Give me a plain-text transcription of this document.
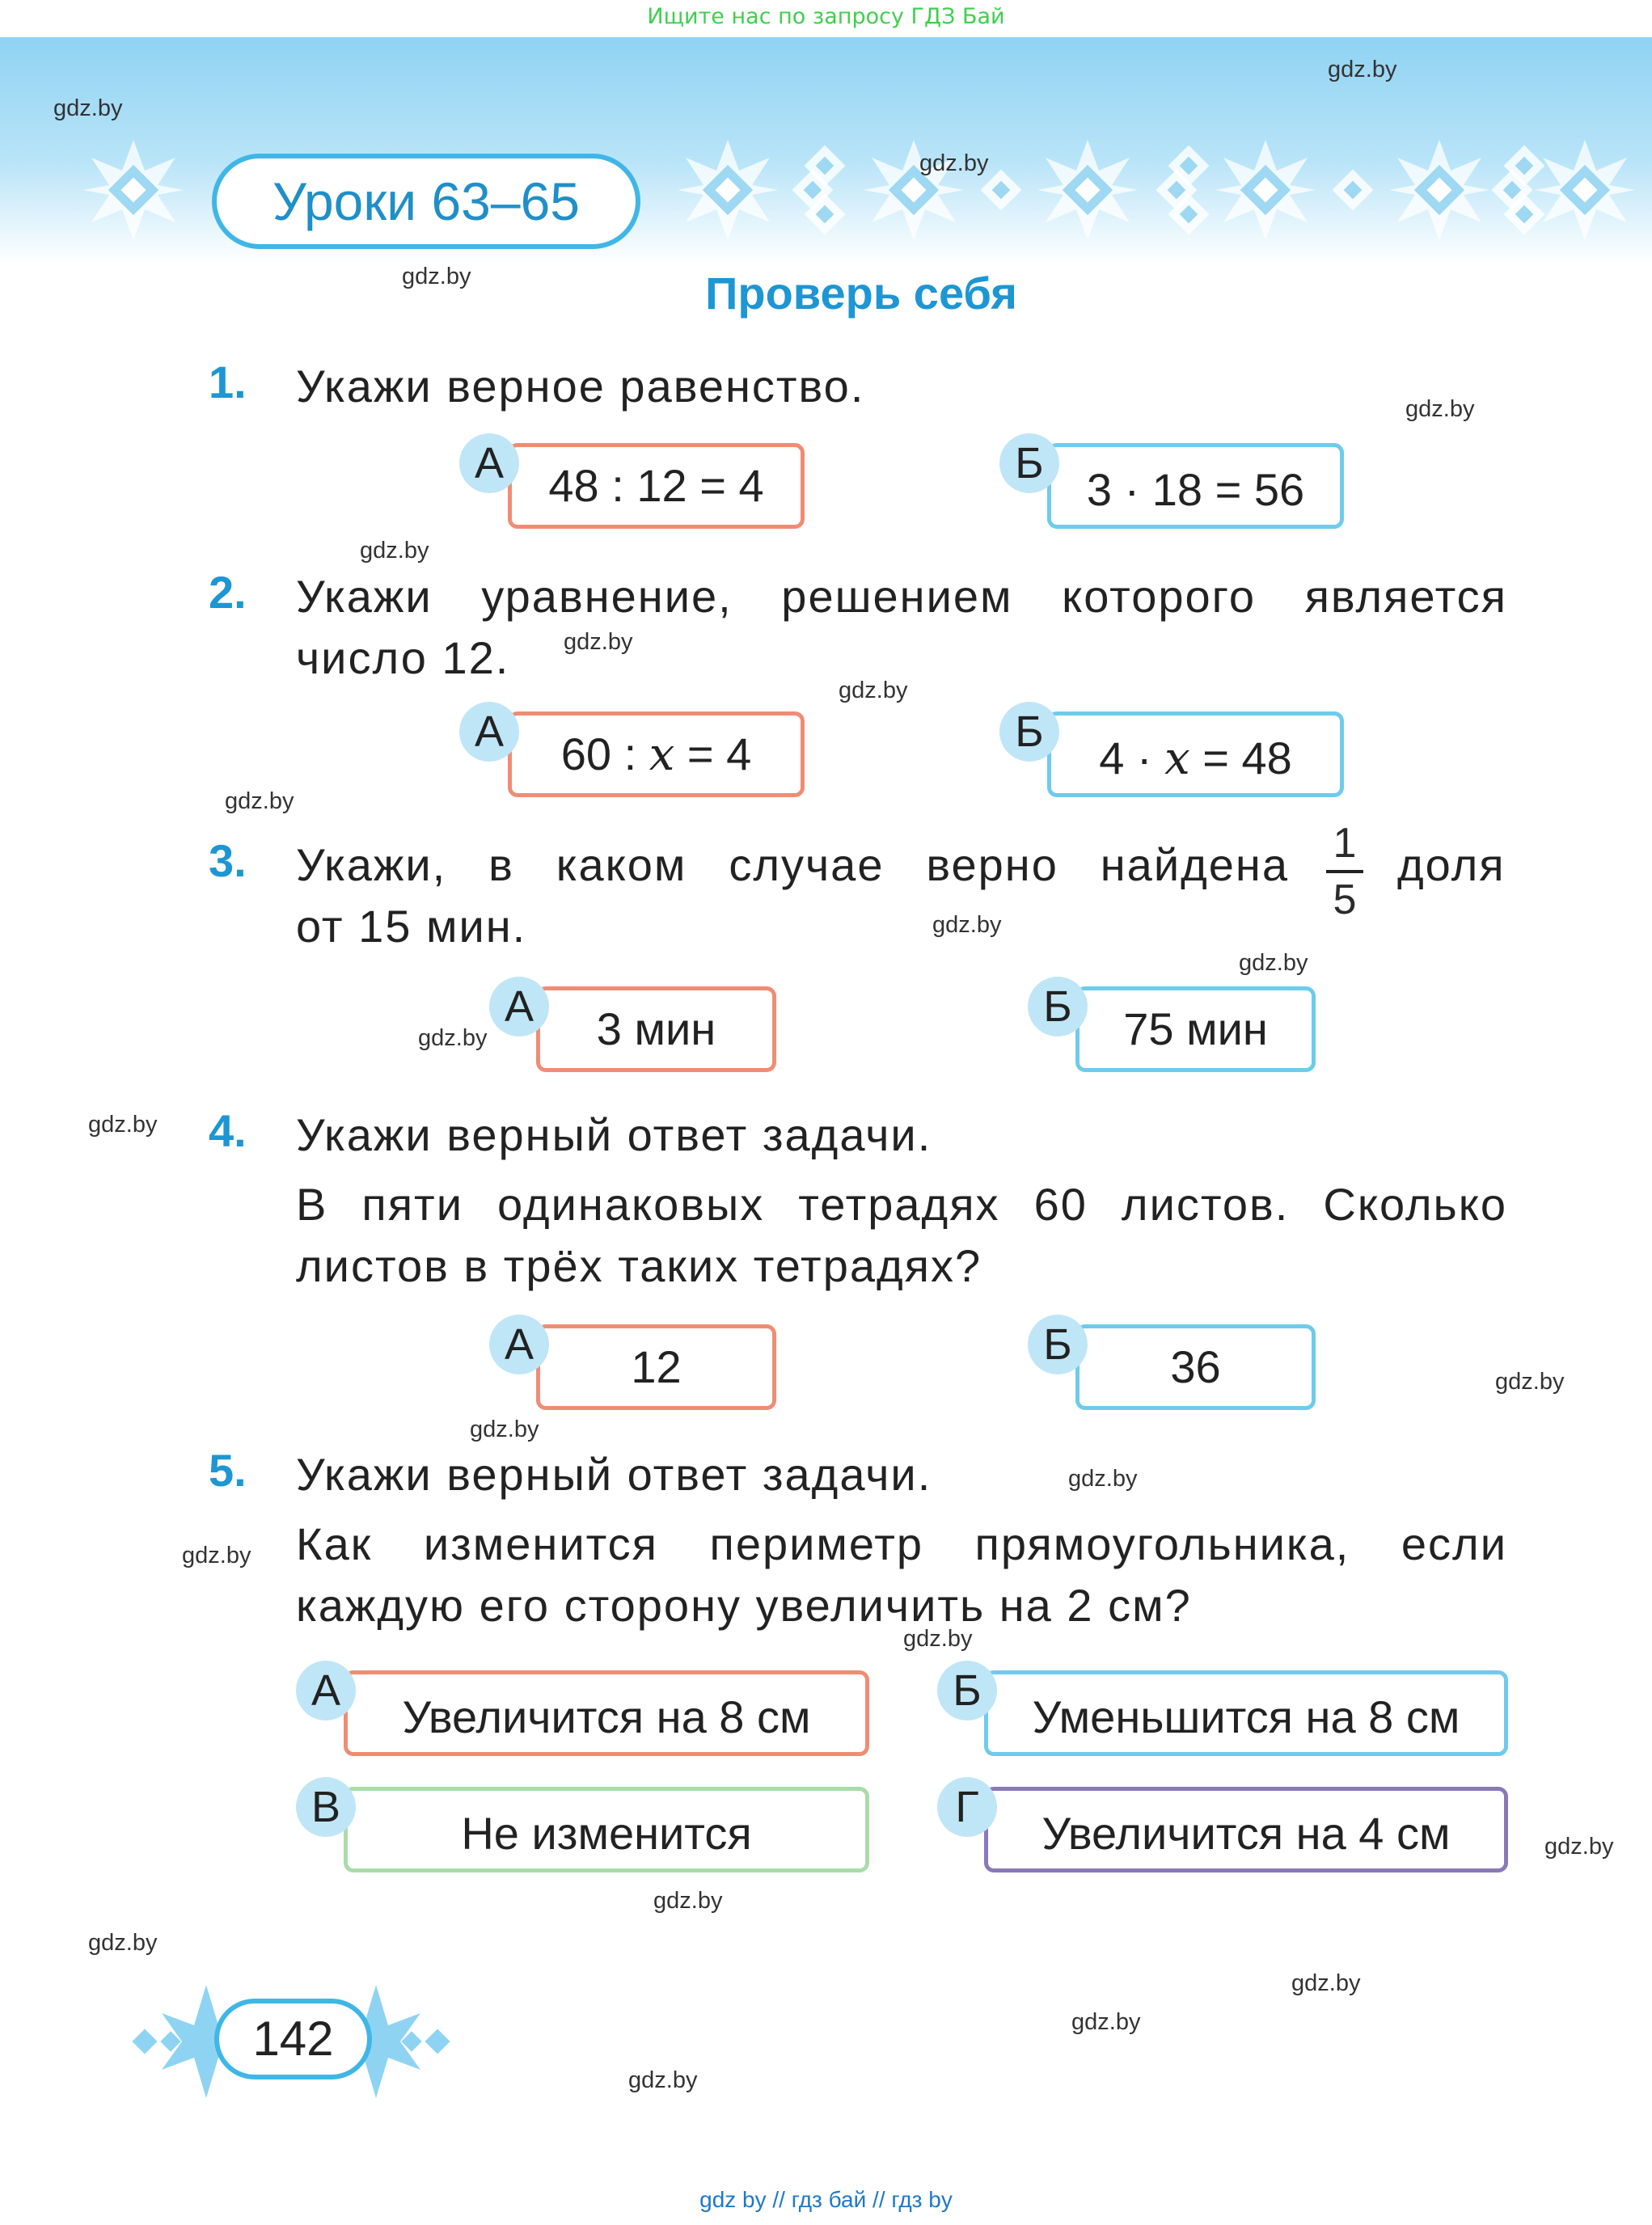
Ищите нас по запросу ГДЗ Бай
Уроки 63–65
gdz.by
gdz.by
gdz.by
gdz.by
gdz.by
gdz.by
gdz.by
gdz.by
gdz.by
gdz.by
gdz.by
gdz.by
gdz.by
gdz.by
gdz.by
gdz.by
gdz.by
gdz.by
gdz.by
gdz.by
gdz.by
gdz.by
gdz.by
gdz.by
Проверь себя
1. Укажи верное равенство.
48 : 12 = 4
А
3 · 18 = 56
Б
2. Укажи уравнение, решением которого является
число 12.
60 : x = 4
А
4 · x = 48
Б
3. Укажи, в каком случае верно найдена 1
5
доля
от 15 мин.
3 мин
А	75 мин
Б
4. Укажи верный ответ задачи.
В пяти одинаковых тетрадях 60 листов. Сколько
листов в трёх таких тетрадях?
12
А	36
Б
5. Укажи верный ответ задачи.
Как изменится периметр прямоугольника, если
каждую его сторону увеличить на 2 см?
Увеличится на 8 см
А
Уменьшится на 8 см
Б
Не изменится
В
Увеличится на 4 см
Г
142
gdz by // гдз бай // гдз by
